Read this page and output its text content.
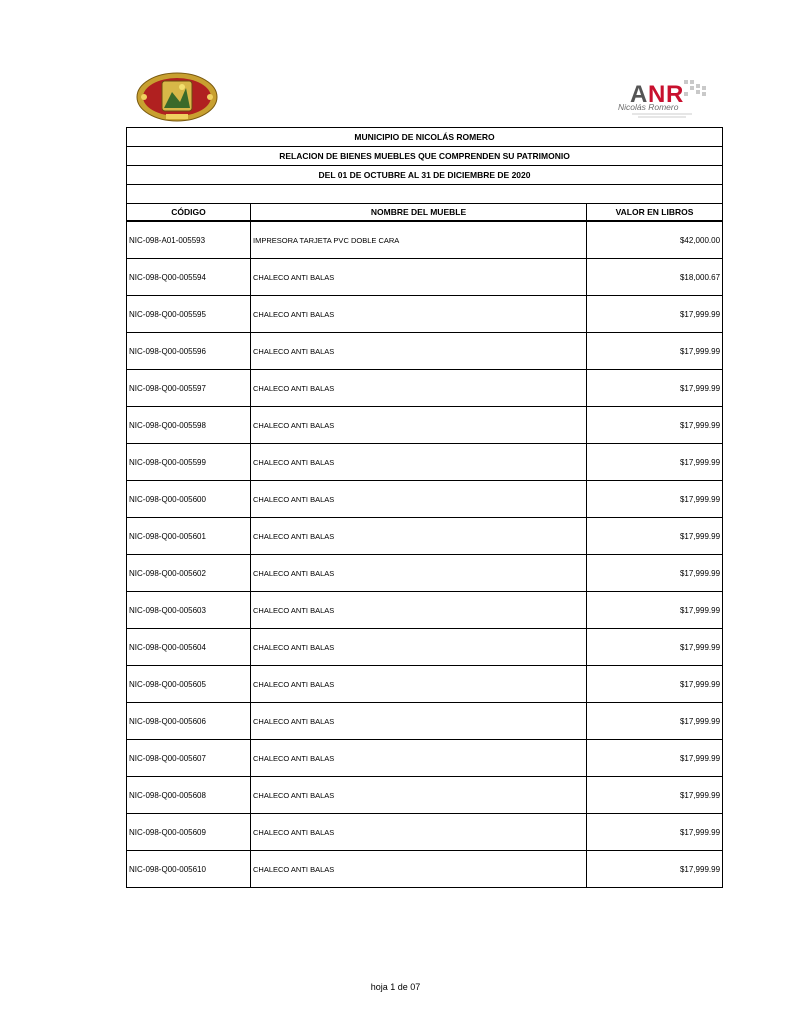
A N R
Nicolás Romero
MUNICIPIO DE NICOLÁS ROMERO		
RELACION DE BIENES MUEBLES QUE COMPRENDEN SU PATRIMONIO		
DEL 01 DE OCTUBRE AL 31 DE DICIEMBRE DE 2020		

CÓDIGO	NOMBRE DEL MUEBLE	VALOR EN LIBROS
NIC-098-A01-005593	IMPRESORA TARJETA PVC DOBLE CARA	$42,000.00
NIC-098-Q00-005594	CHALECO ANTI BALAS	$18,000.67
NIC-098-Q00-005595	CHALECO ANTI BALAS	$17,999.99
NIC-098-Q00-005596	CHALECO ANTI BALAS	$17,999.99
NIC-098-Q00-005597	CHALECO ANTI BALAS	$17,999.99
NIC-098-Q00-005598	CHALECO ANTI BALAS	$17,999.99
NIC-098-Q00-005599	CHALECO ANTI BALAS	$17,999.99
NIC-098-Q00-005600	CHALECO ANTI BALAS	$17,999.99
NIC-098-Q00-005601	CHALECO ANTI BALAS	$17,999.99
NIC-098-Q00-005602	CHALECO ANTI BALAS	$17,999.99
NIC-098-Q00-005603	CHALECO ANTI BALAS	$17,999.99
NIC-098-Q00-005604	CHALECO ANTI BALAS	$17,999.99
NIC-098-Q00-005605	CHALECO ANTI BALAS	$17,999.99
NIC-098-Q00-005606	CHALECO ANTI BALAS	$17,999.99
NIC-098-Q00-005607	CHALECO ANTI BALAS	$17,999.99
NIC-098-Q00-005608	CHALECO ANTI BALAS	$17,999.99
NIC-098-Q00-005609	CHALECO ANTI BALAS	$17,999.99
NIC-098-Q00-005610	CHALECO ANTI BALAS	$17,999.99
hoja 1 de 07
